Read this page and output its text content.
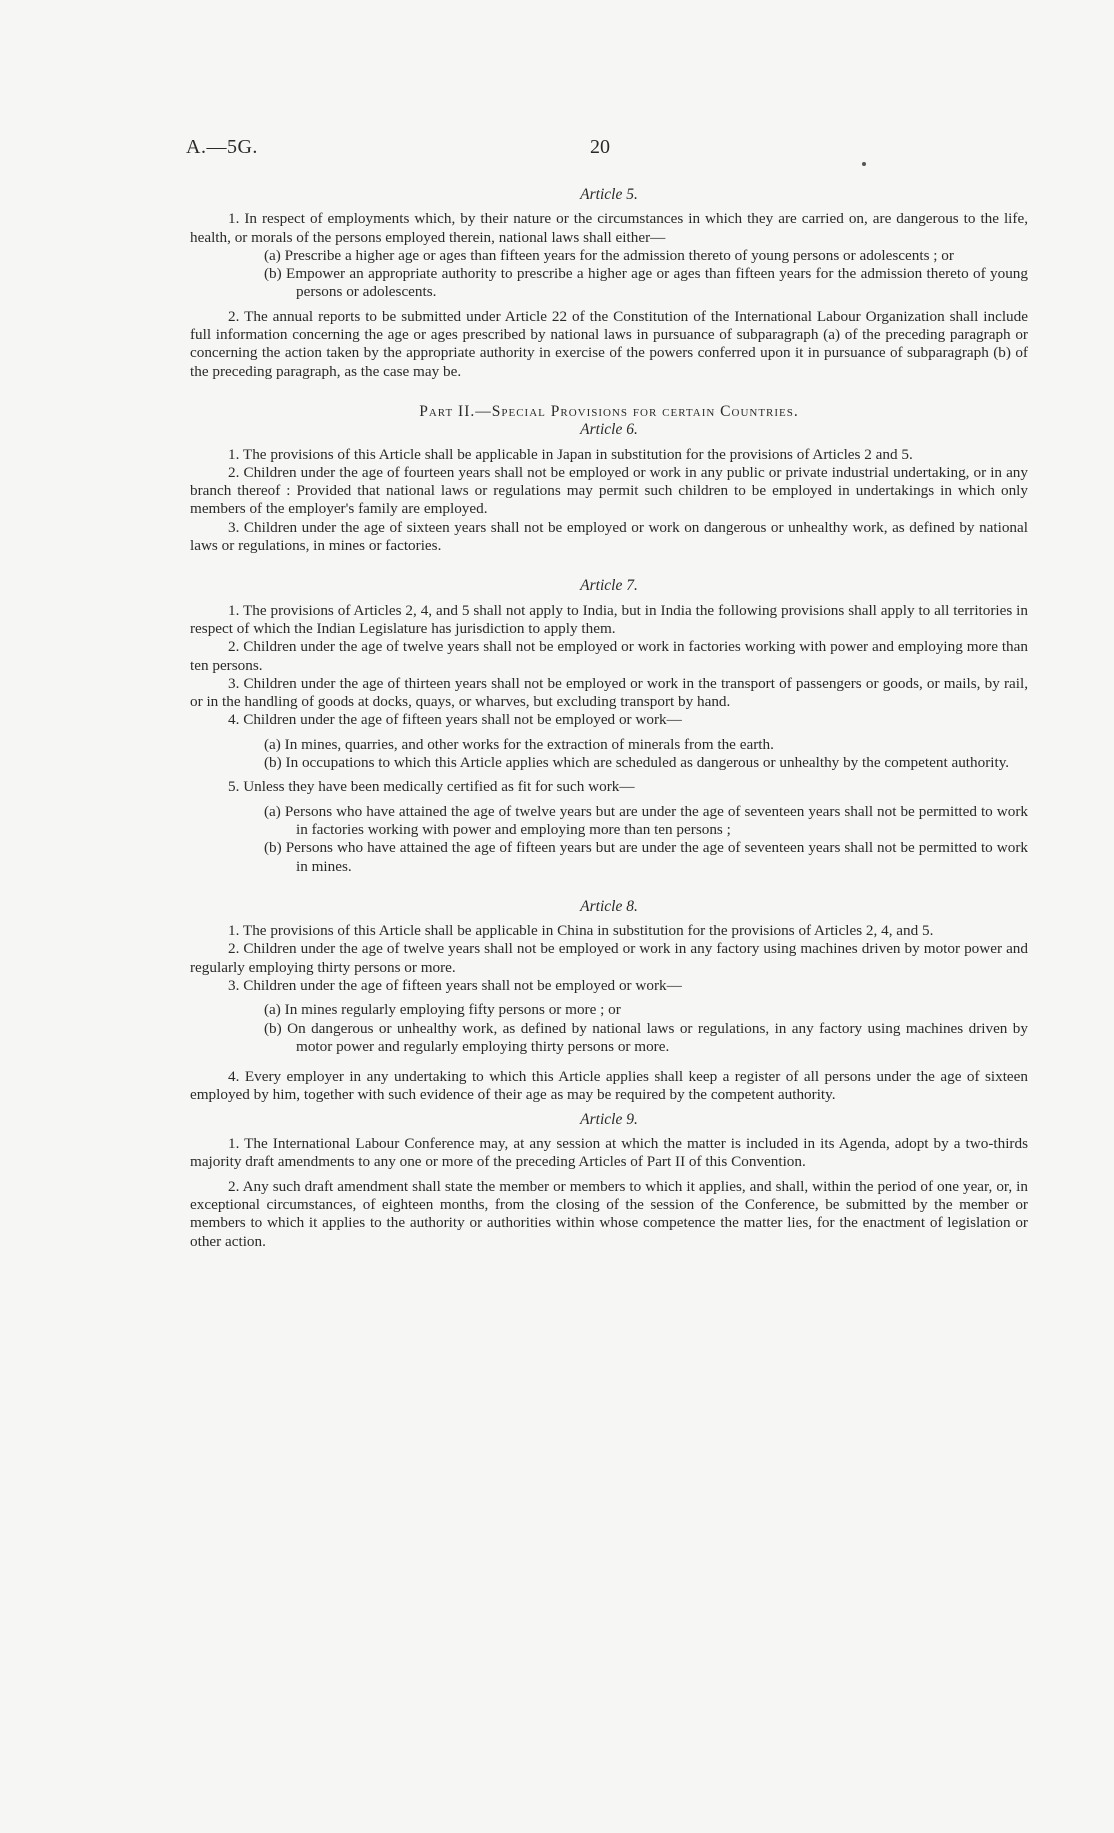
A.—5G.	20

Article 5.

1. In respect of employments which, by their nature or the circumstances in which they are carried on, are dangerous to the life, health, or morals of the persons employed therein, national laws shall either—

(a) Prescribe a higher age or ages than fifteen years for the admission thereto of young persons or adolescents ; or

(b) Empower an appropriate authority to prescribe a higher age or ages than fifteen years for the admission thereto of young persons or adolescents.

2. The annual reports to be submitted under Article 22 of the Constitution of the International Labour Organization shall include full information concerning the age or ages prescribed by national laws in pursuance of subparagraph (a) of the preceding paragraph or concerning the action taken by the appropriate authority in exercise of the powers conferred upon it in pursuance of subparagraph (b) of the preceding paragraph, as the case may be.

Part II.—Special Provisions for certain Countries.

Article 6.

1. The provisions of this Article shall be applicable in Japan in substitution for the provisions of Articles 2 and 5.

2. Children under the age of fourteen years shall not be employed or work in any public or private industrial undertaking, or in any branch thereof : Provided that national laws or regulations may permit such children to be employed in undertakings in which only members of the employer's family are employed.

3. Children under the age of sixteen years shall not be employed or work on dangerous or unhealthy work, as defined by national laws or regulations, in mines or factories.

Article 7.

1. The provisions of Articles 2, 4, and 5 shall not apply to India, but in India the following provisions shall apply to all territories in respect of which the Indian Legislature has jurisdiction to apply them.

2. Children under the age of twelve years shall not be employed or work in factories working with power and employing more than ten persons.

3. Children under the age of thirteen years shall not be employed or work in the transport of passengers or goods, or mails, by rail, or in the handling of goods at docks, quays, or wharves, but excluding transport by hand.

4. Children under the age of fifteen years shall not be employed or work—

(a) In mines, quarries, and other works for the extraction of minerals from the earth.

(b) In occupations to which this Article applies which are scheduled as dangerous or unhealthy by the competent authority.

5. Unless they have been medically certified as fit for such work—

(a) Persons who have attained the age of twelve years but are under the age of seventeen years shall not be permitted to work in factories working with power and employing more than ten persons ;

(b) Persons who have attained the age of fifteen years but are under the age of seventeen years shall not be permitted to work in mines.

Article 8.

1. The provisions of this Article shall be applicable in China in substitution for the provisions of Articles 2, 4, and 5.

2. Children under the age of twelve years shall not be employed or work in any factory using machines driven by motor power and regularly employing thirty persons or more.

3. Children under the age of fifteen years shall not be employed or work—

(a) In mines regularly employing fifty persons or more ; or

(b) On dangerous or unhealthy work, as defined by national laws or regulations, in any factory using machines driven by motor power and regularly employing thirty persons or more.

4. Every employer in any undertaking to which this Article applies shall keep a register of all persons under the age of sixteen employed by him, together with such evidence of their age as may be required by the competent authority.

Article 9.

1. The International Labour Conference may, at any session at which the matter is included in its Agenda, adopt by a two-thirds majority draft amendments to any one or more of the preceding Articles of Part II of this Convention.

2. Any such draft amendment shall state the member or members to which it applies, and shall, within the period of one year, or, in exceptional circumstances, of eighteen months, from the closing of the session of the Conference, be submitted by the member or members to which it applies to the authority or authorities within whose competence the matter lies, for the enactment of legislation or other action.
